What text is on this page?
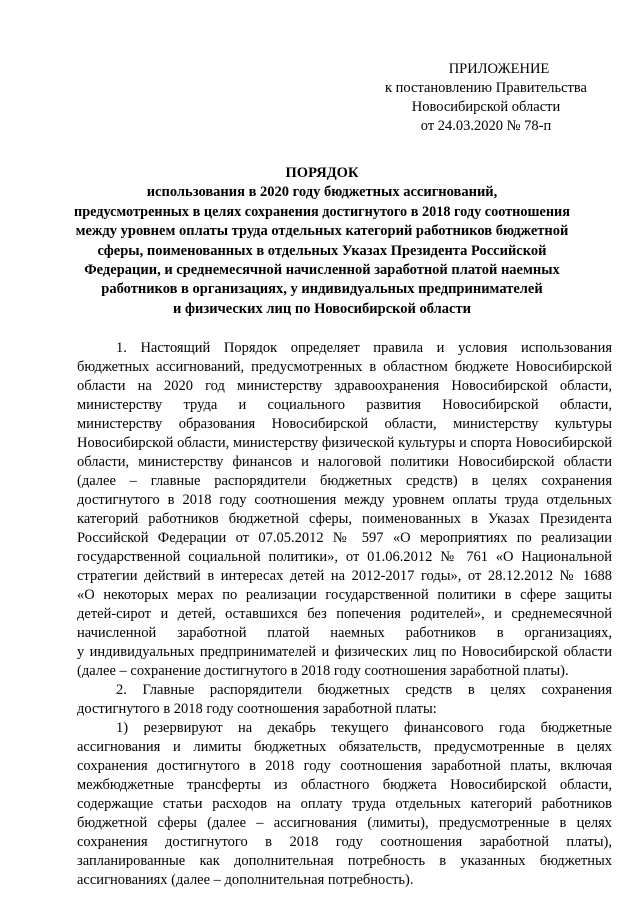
ПРИЛОЖЕНИЕ
к постановлению Правительства
Новосибирской области
от 24.03.2020 № 78-п
ПОРЯДОК
использования в 2020 году бюджетных ассигнований,
предусмотренных в целях сохранения достигнутого в 2018 году соотношения
между уровнем оплаты труда отдельных категорий работников бюджетной
сферы, поименованных в отдельных Указах Президента Российской
Федерации, и среднемесячной начисленной заработной платой наемных
работников в организациях, у индивидуальных предпринимателей
и физических лиц по Новосибирской области
1. Настоящий Порядок определяет правила и условия использования
бюджетных ассигнований, предусмотренных в областном бюджете Новосибирской
области на 2020 год министерству здравоохранения Новосибирской области,
министерству труда и социального развития Новосибирской области,
министерству образования Новосибирской области, министерству культуры
Новосибирской области, министерству физической культуры и спорта Новосибирской
области, министерству финансов и налоговой политики Новосибирской области
(далее – главные распорядители бюджетных средств) в целях сохранения
достигнутого в 2018 году соотношения между уровнем оплаты труда отдельных
категорий работников бюджетной сферы, поименованных в Указах Президента
Российской Федерации от 07.05.2012 № 597 «О мероприятиях по реализации
государственной социальной политики», от 01.06.2012 № 761 «О Национальной
стратегии действий в интересах детей на 2012-2017 годы», от 28.12.2012 № 1688
«О некоторых мерах по реализации государственной политики в сфере защиты
детей-сирот и детей, оставшихся без попечения родителей», и среднемесячной
начисленной заработной платой наемных работников в организациях,
у индивидуальных предпринимателей и физических лиц по Новосибирской области
(далее – сохранение достигнутого в 2018 году соотношения заработной платы).
2. Главные распорядители бюджетных средств в целях сохранения
достигнутого в 2018 году соотношения заработной платы:
1) резервируют на декабрь текущего финансового года бюджетные
ассигнования и лимиты бюджетных обязательств, предусмотренные в целях
сохранения достигнутого в 2018 году соотношения заработной платы, включая
межбюджетные трансферты из областного бюджета Новосибирской области,
содержащие статьи расходов на оплату труда отдельных категорий работников
бюджетной сферы (далее – ассигнования (лимиты), предусмотренные в целях
сохранения достигнутого в 2018 году соотношения заработной платы),
запланированные как дополнительная потребность в указанных бюджетных
ассигнованиях (далее – дополнительная потребность).
